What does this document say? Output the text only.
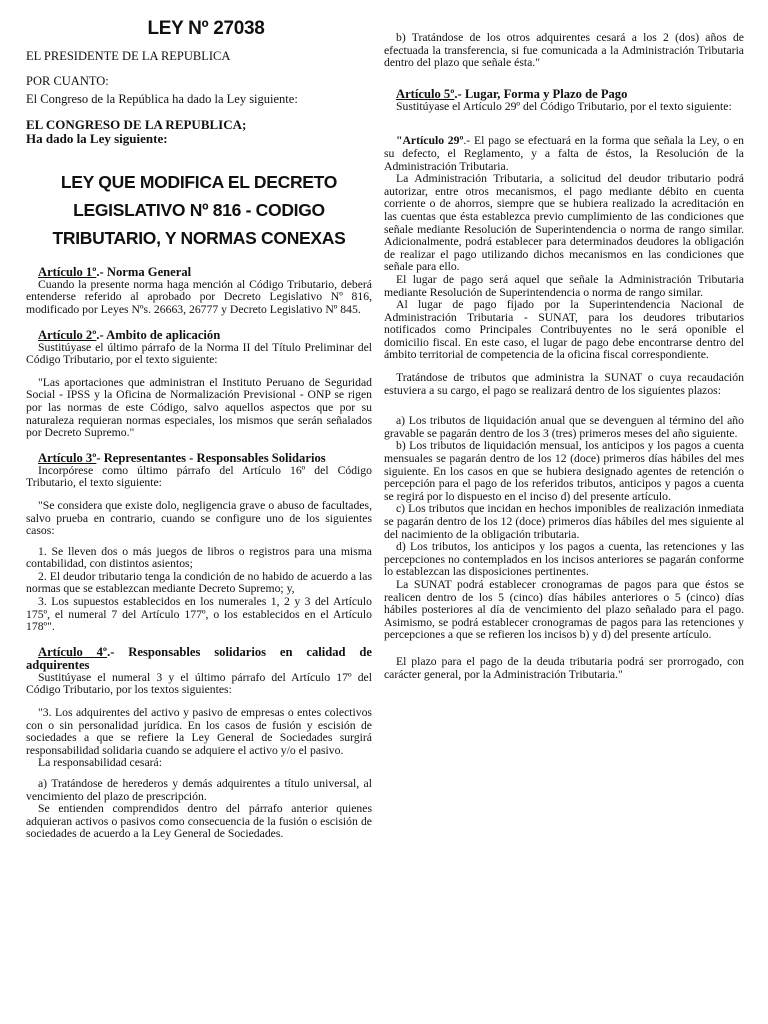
LEY Nº 27038

EL PRESIDENTE DE LA REPUBLICA

POR CUANTO:

El Congreso de la República ha dado la Ley siguiente:

EL CONGRESO DE LA REPUBLICA;

Ha dado la Ley siguiente:

LEY QUE MODIFICA EL DECRETO
LEGISLATIVO Nº 816 - CODIGO
TRIBUTARIO, Y NORMAS CONEXAS

Artículo 1º.- Norma General

Cuando la presente norma haga mención al Código Tributario, deberá entenderse referido al aprobado por Decreto Legislativo Nº 816, modificado por Leyes Nºs. 26663, 26777 y Decreto Legislativo Nº 845.

Artículo 2º.- Ambito de aplicación

Sustitúyase el último párrafo de la Norma II del Título Preliminar del Código Tributario, por el texto siguiente:

"Las aportaciones que administran el Instituto Peruano de Seguridad Social - IPSS y la Oficina de Normalización Previsional - ONP se rigen por las normas de este Código, salvo aquellos aspectos que por su naturaleza requieran normas especiales, los mismos que serán señalados por Decreto Supremo."

Artículo 3º- Representantes - Responsables Solidarios

Incorpórese como último párrafo del Artículo 16º del Código Tributario, el texto siguiente:

"Se considera que existe dolo, negligencia grave o abuso de facultades, salvo prueba en contrario, cuando se configure uno de los siguientes casos:

1. Se lleven dos o más juegos de libros o registros para una misma contabilidad, con distintos asientos;

2. El deudor tributario tenga la condición de no habido de acuerdo a las normas que se establezcan mediante Decreto Supremo; y,

3. Los supuestos establecidos en los numerales 1, 2 y 3 del Artículo 175º, el numeral 7 del Artículo 177º, o los establecidos en el Artículo 178º".

Artículo 4º.- Responsables solidarios en calidad de adquirentes

Sustitúyase el numeral 3 y el último párrafo del Artículo 17º del Código Tributario, por los textos siguientes:

"3. Los adquirentes del activo y pasivo de empresas o entes colectivos con o sin personalidad jurídica. En los casos de fusión y escisión de sociedades a que se refiere la Ley General de Sociedades surgirá responsabilidad solidaria cuando se adquiere el activo y/o el pasivo.

La responsabilidad cesará:

a) Tratándose de herederos y demás adquirentes a título universal, al vencimiento del plazo de prescripción.

Se entienden comprendidos dentro del párrafo anterior quienes adquieran activos o pasivos como consecuencia de la fusión o escisión de sociedades de acuerdo a la Ley General de Sociedades.

b) Tratándose de los otros adquirentes cesará a los 2 (dos) años de efectuada la transferencia, si fue comunicada a la Administración Tributaria dentro del plazo que señale ésta."

Artículo 5º.- Lugar, Forma y Plazo de Pago

Sustitúyase el Artículo 29º del Código Tributario, por el texto siguiente:

"Artículo 29º.- El pago se efectuará en la forma que señala la Ley, o en su defecto, el Reglamento, y a falta de éstos, la Resolución de la Administración Tributaria.

La Administración Tributaria, a solicitud del deudor tributario podrá autorizar, entre otros mecanismos, el pago mediante débito en cuenta corriente o de ahorros, siempre que se hubiera realizado la acreditación en las cuentas que ésta establezca previo cumplimiento de las condiciones que señale mediante Resolución de Superintendencia o norma de rango similar. Adicionalmente, podrá establecer para determinados deudores la obligación de realizar el pago utilizando dichos mecanismos en las condiciones que señale para ello.

El lugar de pago será aquel que señale la Administración Tributaria mediante Resolución de Superintendencia o norma de rango similar.

Al lugar de pago fijado por la Superintendencia Nacional de Administración Tributaria - SUNAT, para los deudores tributarios notificados como Principales Contribuyentes no le será oponible el domicilio fiscal. En este caso, el lugar de pago debe encontrarse dentro del ámbito territorial de competencia de la oficina fiscal correspondiente.

Tratándose de tributos que administra la SUNAT o cuya recaudación estuviera a su cargo, el pago se realizará dentro de los siguientes plazos:

a) Los tributos de liquidación anual que se devenguen al término del año gravable se pagarán dentro de los 3 (tres) primeros meses del año siguiente.

b) Los tributos de liquidación mensual, los anticipos y los pagos a cuenta mensuales se pagarán dentro de los 12 (doce) primeros días hábiles del mes siguiente. En los casos en que se hubiera designado agentes de retención o percepción para el pago de los referidos tributos, anticipos y pagos a cuenta se regirá por lo dispuesto en el inciso d) del presente artículo.

c) Los tributos que incidan en hechos imponibles de realización inmediata se pagarán dentro de los 12 (doce) primeros días hábiles del mes siguiente al del nacimiento de la obligación tributaria.

d) Los tributos, los anticipos y los pagos a cuenta, las retenciones y las percepciones no contemplados en los incisos anteriores se pagarán conforme lo establezcan las disposiciones pertinentes.

La SUNAT podrá establecer cronogramas de pagos para que éstos se realicen dentro de los 5 (cinco) días hábiles anteriores o 5 (cinco) días hábiles posteriores al día de vencimiento del plazo señalado para el pago. Asimismo, se podrá establecer cronogramas de pagos para las retenciones y percepciones a que se refieren los incisos b) y d) del presente artículo.

El plazo para el pago de la deuda tributaria podrá ser prorrogado, con carácter general, por la Administración Tributaria."
